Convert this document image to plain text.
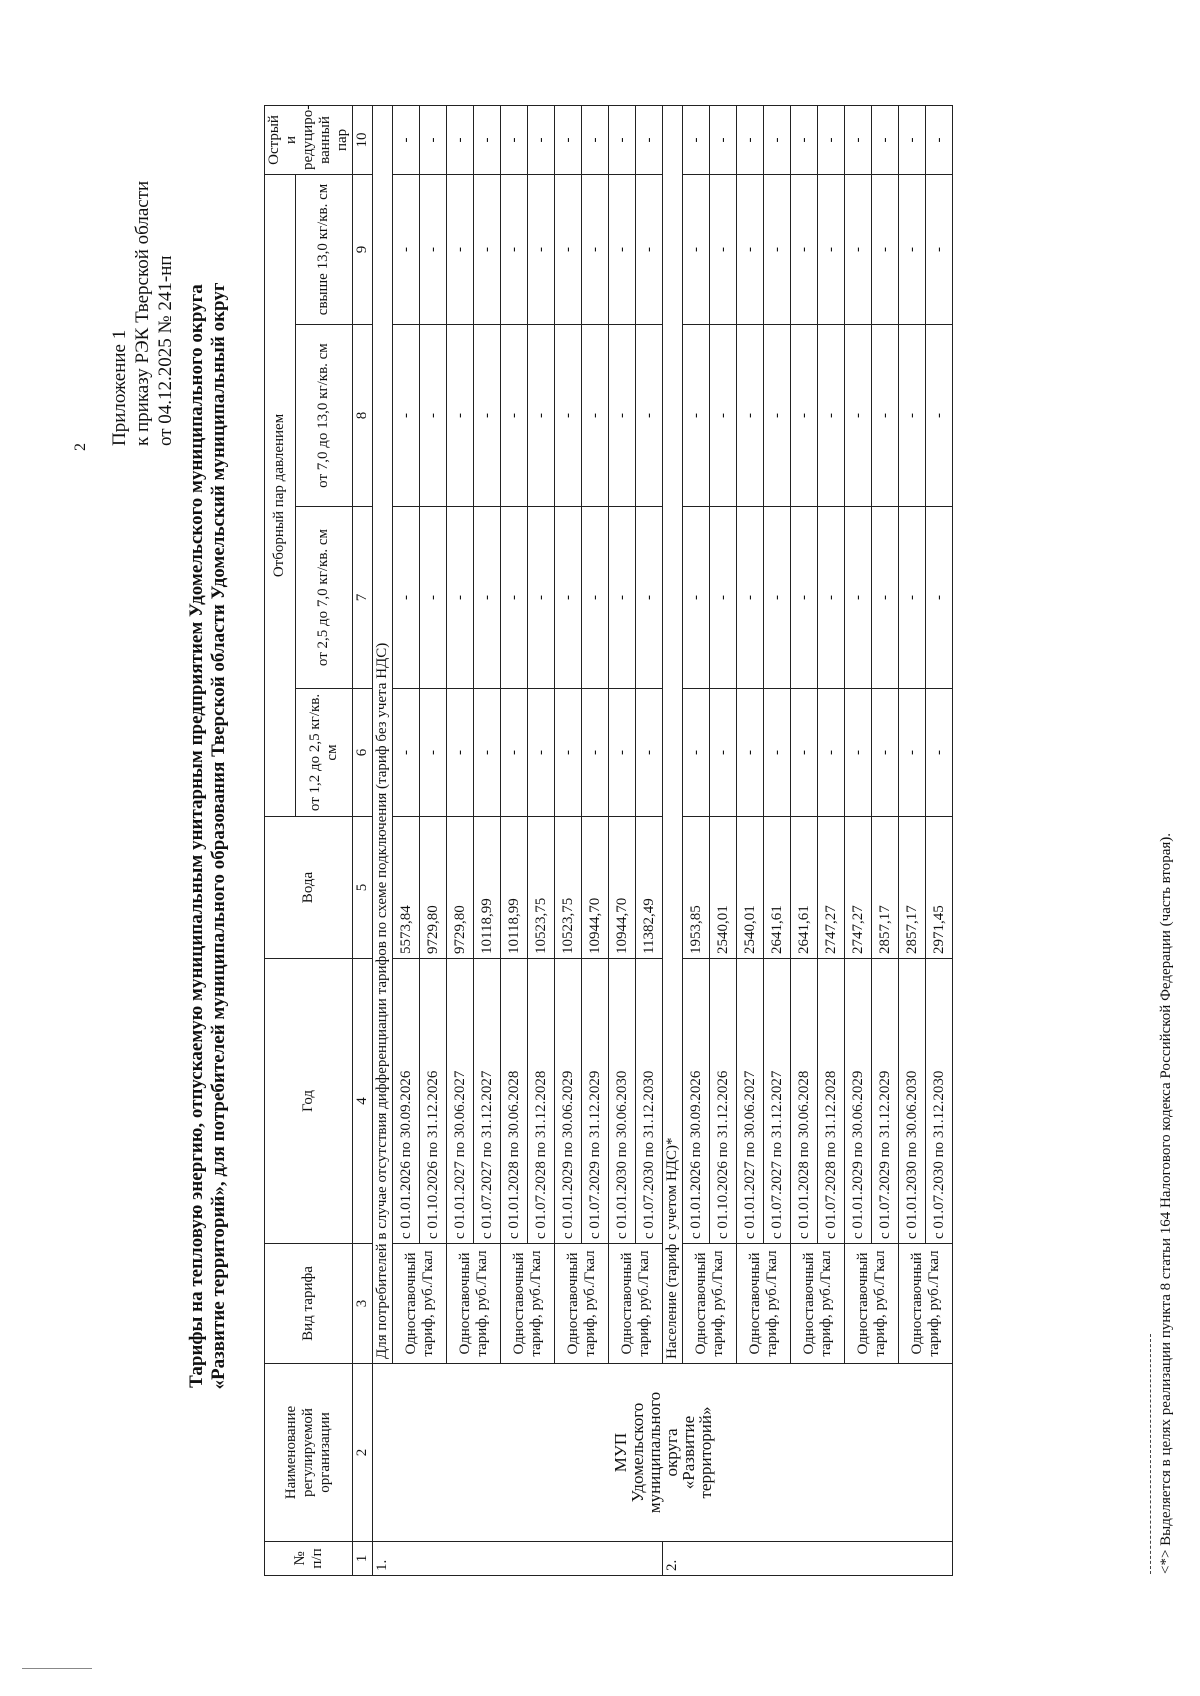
2
Приложение 1 к приказу РЭК Тверской области от 04.12.2025 № 241-нп Тарифы на тепловую энергию, отпускаемую муниципальным унитарным предприятием Удомельского муниципального округа «Развитие территорий», для потребителей муниципального образования Тверской области Удомельский муниципальный округ
№ п/п	Наименование регулируемой организации	Вид тарифа	Год	Вода	Отборный пар давлением				Острый и редуциро-ванный пар
					от 1,2 до 2,5 кг/кв. см	от 2,5 до 7,0 кг/кв. см	от 7,0 до 13,0 кг/кв. см	свыше 13,0 кг/кв. см	
1	2	3	4	5	6	7	8	9	10
1.	МУП
Удомельского
муниципального округа
«Развитие территорий»	Для потребителей в случае отсутствия дифференциации тарифов по схеме подключения (тариф без учета НДС)							
		Одноставочный тариф, руб./Гкал	с 01.01.2026 по 30.09.2026	5573,84	-	-	-	-	-
			с 01.10.2026 по 31.12.2026	9729,80	-	-	-	-	-
		Одноставочный тариф, руб./Гкал	с 01.01.2027 по 30.06.2027	9729,80	-	-	-	-	-
			с 01.07.2027 по 31.12.2027	10118,99	-	-	-	-	-
		Одноставочный тариф, руб./Гкал	с 01.01.2028 по 30.06.2028	10118,99	-	-	-	-	-
			с 01.07.2028 по 31.12.2028	10523,75	-	-	-	-	-
		Одноставочный тариф, руб./Гкал	с 01.01.2029 по 30.06.2029	10523,75	-	-	-	-	-
			с 01.07.2029 по 31.12.2029	10944,70	-	-	-	-	-
		Одноставочный тариф, руб./Гкал	с 01.01.2030 по 30.06.2030	10944,70	-	-	-	-	-
			с 01.07.2030 по 31.12.2030	11382,49	-	-	-	-	-
2.		Население (тариф с учетом НДС)*							
		Одноставочный тариф, руб./Гкал	с 01.01.2026 по 30.09.2026	1953,85	-	-	-	-	-
			с 01.10.2026 по 31.12.2026	2540,01	-	-	-	-	-
		Одноставочный тариф, руб./Гкал	с 01.01.2027 по 30.06.2027	2540,01	-	-	-	-	-
			с 01.07.2027 по 31.12.2027	2641,61	-	-	-	-	-
		Одноставочный тариф, руб./Гкал	с 01.01.2028 по 30.06.2028	2641,61	-	-	-	-	-
			с 01.07.2028 по 31.12.2028	2747,27	-	-	-	-	-
		Одноставочный тариф, руб./Гкал	с 01.01.2029 по 30.06.2029	2747,27	-	-	-	-	-
			с 01.07.2029 по 31.12.2029	2857,17	-	-	-	-	-
		Одноставочный тариф, руб./Гкал	с 01.01.2030 по 30.06.2030	2857,17	-	-	-	-	-
			с 01.07.2030 по 31.12.2030	2971,45	-	-	-	-	-
<*> Выделяется в целях реализации пункта 8 статьи 164 Налогового кодекса Российской Федерации (часть вторая).
